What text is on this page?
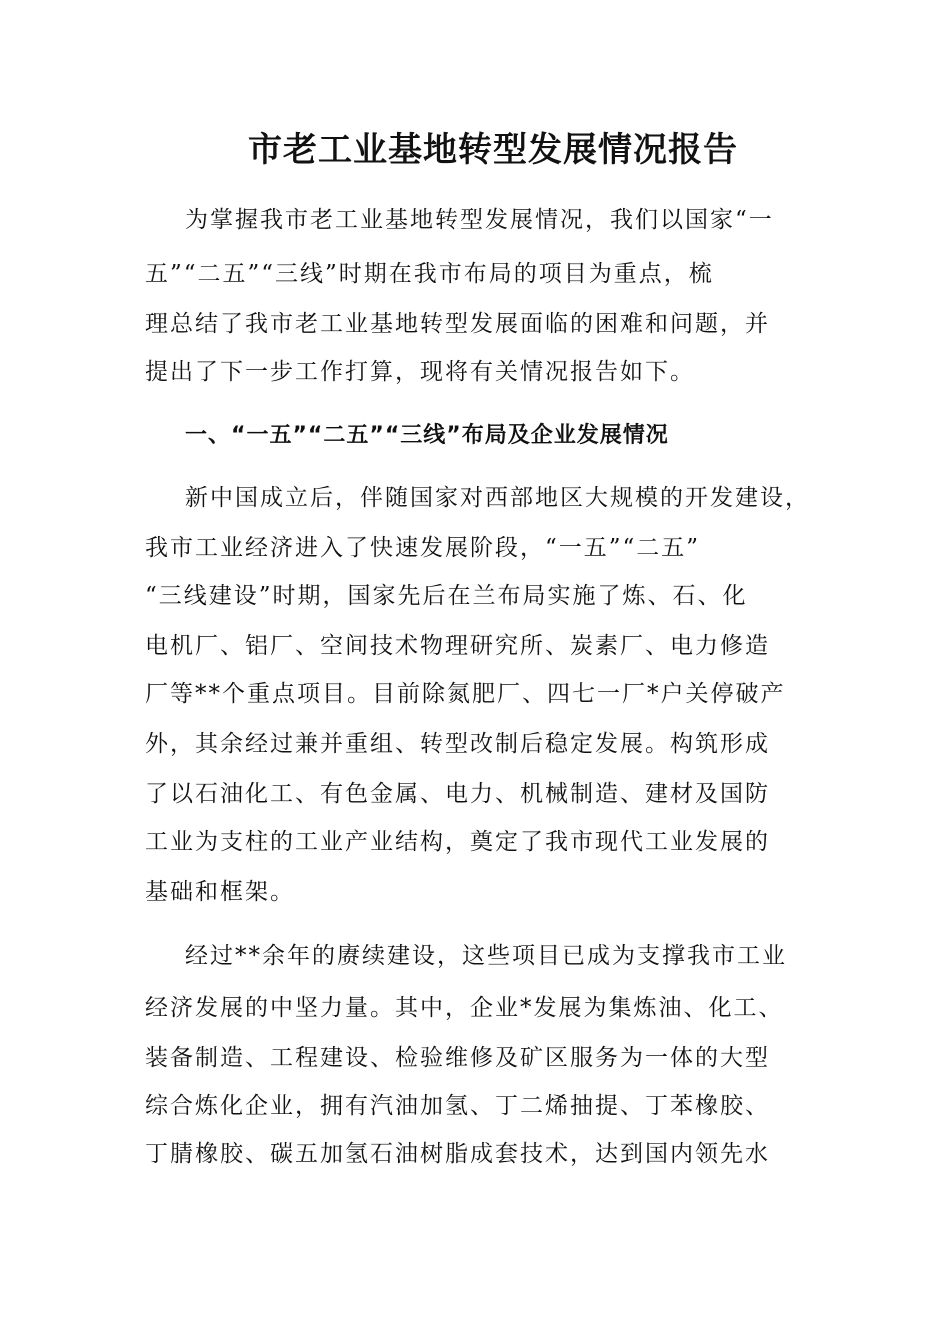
市老工业基地转型发展情况报告
为掌握我市老工业基地转型发展情况，我们以国家“一
五”“二五”“三线”时期在我市布局的项目为重点，梳
理总结了我市老工业基地转型发展面临的困难和问题，并
提出了下一步工作打算，现将有关情况报告如下。
一、“一五”“二五”“三线”布局及企业发展情况
新中国成立后，伴随国家对西部地区大规模的开发建设，
我市工业经济进入了快速发展阶段，“一五”“二五”
“三线建设”时期，国家先后在兰布局实施了炼、石、化
电机厂、铝厂、空间技术物理研究所、炭素厂、电力修造
厂等**个重点项目。目前除氮肥厂、四七一厂*户关停破产
外，其余经过兼并重组、转型改制后稳定发展。构筑形成
了以石油化工、有色金属、电力、机械制造、建材及国防
工业为支柱的工业产业结构，奠定了我市现代工业发展的
基础和框架。
经过**余年的赓续建设，这些项目已成为支撑我市工业
经济发展的中坚力量。其中，企业*发展为集炼油、化工、
装备制造、工程建设、检验维修及矿区服务为一体的大型
综合炼化企业，拥有汽油加氢、丁二烯抽提、丁苯橡胶、
丁腈橡胶、碳五加氢石油树脂成套技术，达到国内领先水
